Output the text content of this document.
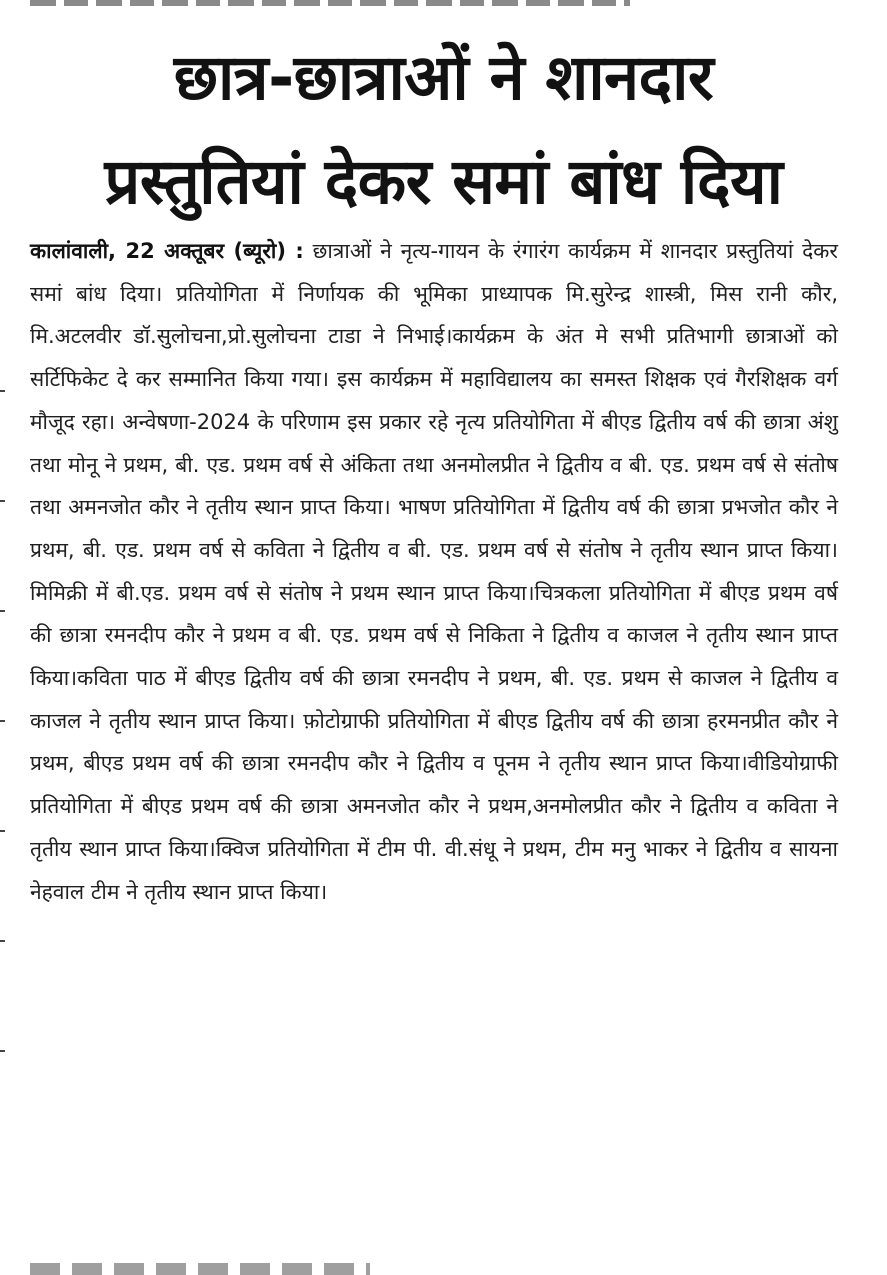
छात्र-छात्राओं ने शानदार
प्रस्तुतियां देकर समां बांध दिया

कालांवाली, 22 अक्तूबर (ब्यूरो) : छात्राओं ने नृत्य-गायन के रंगारंग कार्यक्रम में शानदार प्रस्तुतियां देकर समां बांध दिया। प्रतियोगिता में निर्णायक की भूमिका प्राध्यापक मि.सुरेन्द्र शास्त्री, मिस रानी कौर, मि.अटलवीर डॉ.सुलोचना,प्रो.सुलोचना टाडा ने निभाई।कार्यक्रम के अंत मे सभी प्रतिभागी छात्राओं को सर्टिफिकेट दे कर सम्मानित किया गया। इस कार्यक्रम में महाविद्यालय का समस्त शिक्षक एवं गैरशिक्षक वर्ग मौजूद रहा। अन्वेषणा-2024 के परिणाम इस प्रकार रहे नृत्य प्रतियोगिता में बीएड द्वितीय वर्ष की छात्रा अंशु तथा मोनू ने प्रथम, बी. एड. प्रथम वर्ष से अंकिता तथा अनमोलप्रीत ने द्वितीय व बी. एड. प्रथम वर्ष से संतोष तथा अमनजोत कौर ने तृतीय स्थान प्राप्त किया। भाषण प्रतियोगिता में द्वितीय वर्ष की छात्रा प्रभजोत कौर ने प्रथम, बी. एड. प्रथम वर्ष से कविता ने द्वितीय व बी. एड. प्रथम वर्ष से संतोष ने तृतीय स्थान प्राप्त किया। मिमिक्री में बी.एड. प्रथम वर्ष से संतोष ने प्रथम स्थान प्राप्त किया।चित्रकला प्रतियोगिता में बीएड प्रथम वर्ष की छात्रा रमनदीप कौर ने प्रथम व बी. एड. प्रथम वर्ष से निकिता ने द्वितीय व काजल ने तृतीय स्थान प्राप्त किया।कविता पाठ में बीएड द्वितीय वर्ष की छात्रा रमनदीप ने प्रथम, बी. एड. प्रथम से काजल ने द्वितीय व काजल ने तृतीय स्थान प्राप्त किया। फ़ोटोग्राफी प्रतियोगिता में बीएड द्वितीय वर्ष की छात्रा हरमनप्रीत कौर ने प्रथम, बीएड प्रथम वर्ष की छात्रा रमनदीप कौर ने द्वितीय व पूनम ने तृतीय स्थान प्राप्त किया।वीडियोग्राफी प्रतियोगिता में बीएड प्रथम वर्ष की छात्रा अमनजोत कौर ने प्रथम,अनमोलप्रीत कौर ने द्वितीय व कविता ने तृतीय स्थान प्राप्त किया।क्विज प्रतियोगिता में टीम पी. वी.संधू ने प्रथम, टीम मनु भाकर ने द्वितीय व सायना नेहवाल टीम ने तृतीय स्थान प्राप्त किया।
